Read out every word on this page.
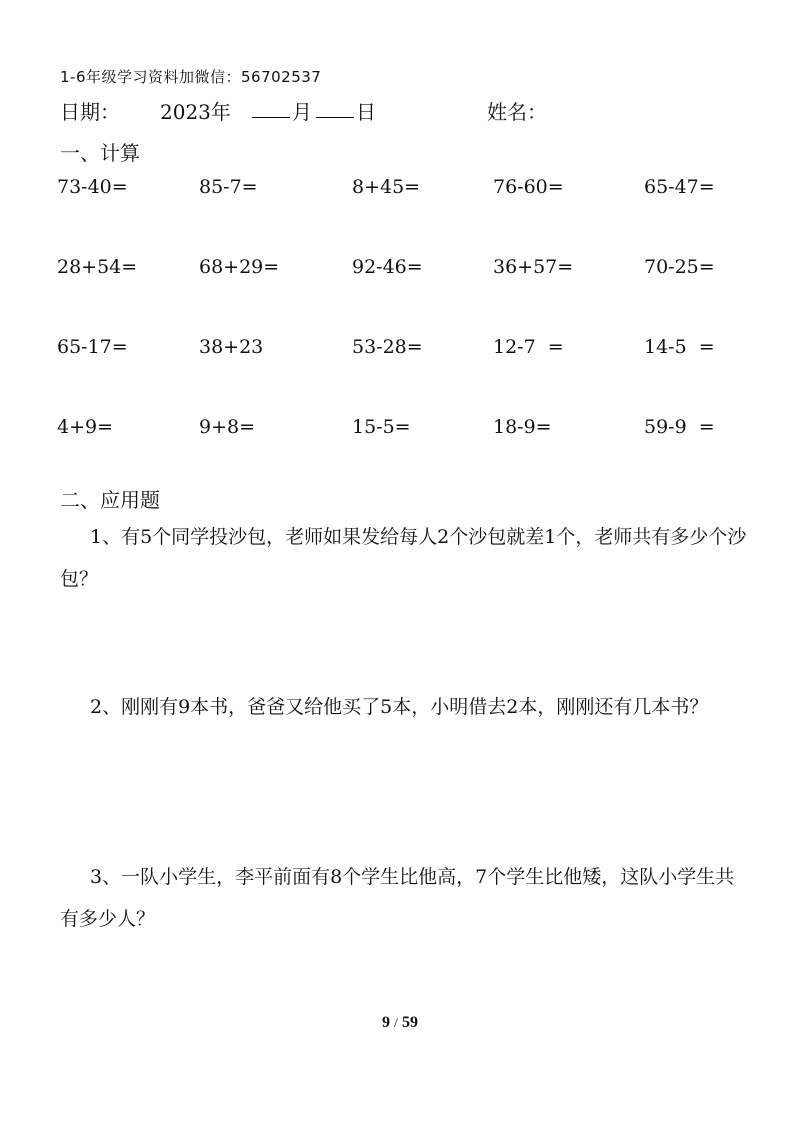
1-6年级学习资料加微信：56702537
日期： 2023年	月 日	姓名：
一、计算
73-40=	85-7=	8+45=	76-60=	65-47=
28+54=	68+29=	92-46=	36+57=	70-25=
65-17=	38+23	53-28=	12-7  =	14-5  =
4+9=	9+8=	15-5=	18-9=	59-9  =
二、应用题
1、有5个同学投沙包，老师如果发给每人2个沙包就差1个，老师共有多少个沙包？
2、刚刚有9本书，爸爸又给他买了5本，小明借去2本，刚刚还有几本书？
3、一队小学生，李平前面有8个学生比他高，7个学生比他矮，这队小学生共有多少人？
9 / 59
